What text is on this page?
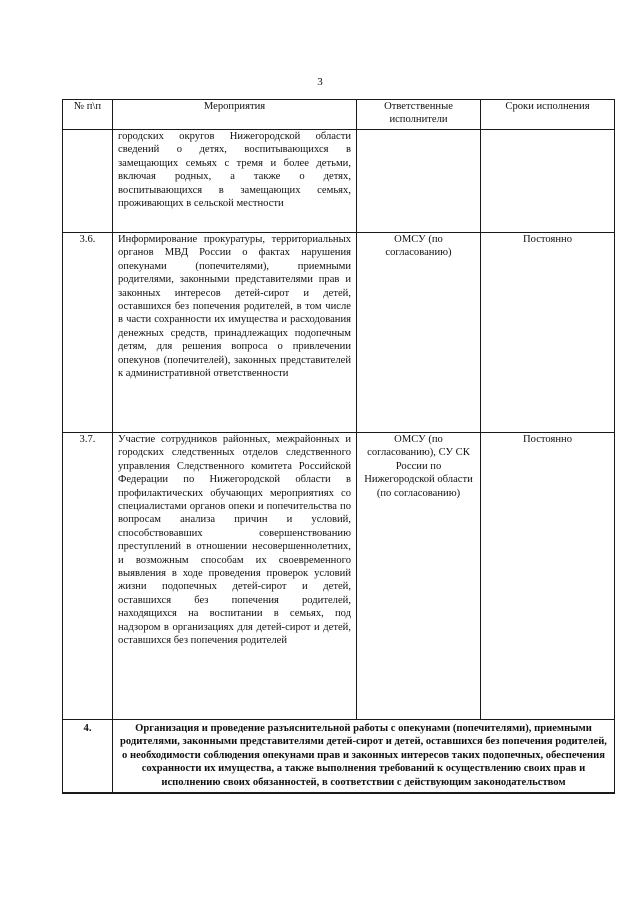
3
№ п\п	Мероприятия	Ответственные исполнители	Сроки исполнения
	городских округов Нижегородской области сведений о детях, воспитывающихся в замещающих семьях с тремя и более детьми, включая родных, а также о детях, воспитывающихся в замещающих семьях, проживающих в сельской местности		
3.6.	Информирование прокуратуры, территориальных органов МВД России о фактах нарушения опекунами (попечителями), приемными родителями, законными представителями прав и законных интересов детей-сирот и детей, оставшихся без попечения родителей, в том числе в части сохранности их имущества и расходования денежных средств, принадлежащих подопечным детям, для решения вопроса о привлечении опекунов (попечителей), законных представителей к административной ответственности	ОМСУ (по согласованию)	Постоянно
3.7.	Участие сотрудников районных, межрайонных и городских следственных отделов следственного управления Следственного комитета Российской Федерации по Нижегородской области в профилактических обучающих мероприятиях со специалистами органов опеки и попечительства по вопросам анализа причин и условий, способствовавших совершенствованию преступлений в отношении несовершеннолетних, и возможным способам их своевременного выявления в ходе проведения проверок условий жизни подопечных детей-сирот и детей, оставшихся без попечения родителей, находящихся на воспитании в семьях, под надзором в организациях для детей-сирот и детей, оставшихся без попечения родителей	ОМСУ (по согласованию), СУ СК России по Нижегородской области (по согласованию)	Постоянно
4.	Организация и проведение разъяснительной работы с опекунами (попечителями), приемными родителями, законными представителями детей-сирот и детей, оставшихся без попечения родителей, о необходимости соблюдения опекунами прав и законных интересов таких подопечных, обеспечения сохранности их имущества, а также выполнения требований к осуществлению своих прав и исполнению своих обязанностей, в соответствии с действующим законодательством		
